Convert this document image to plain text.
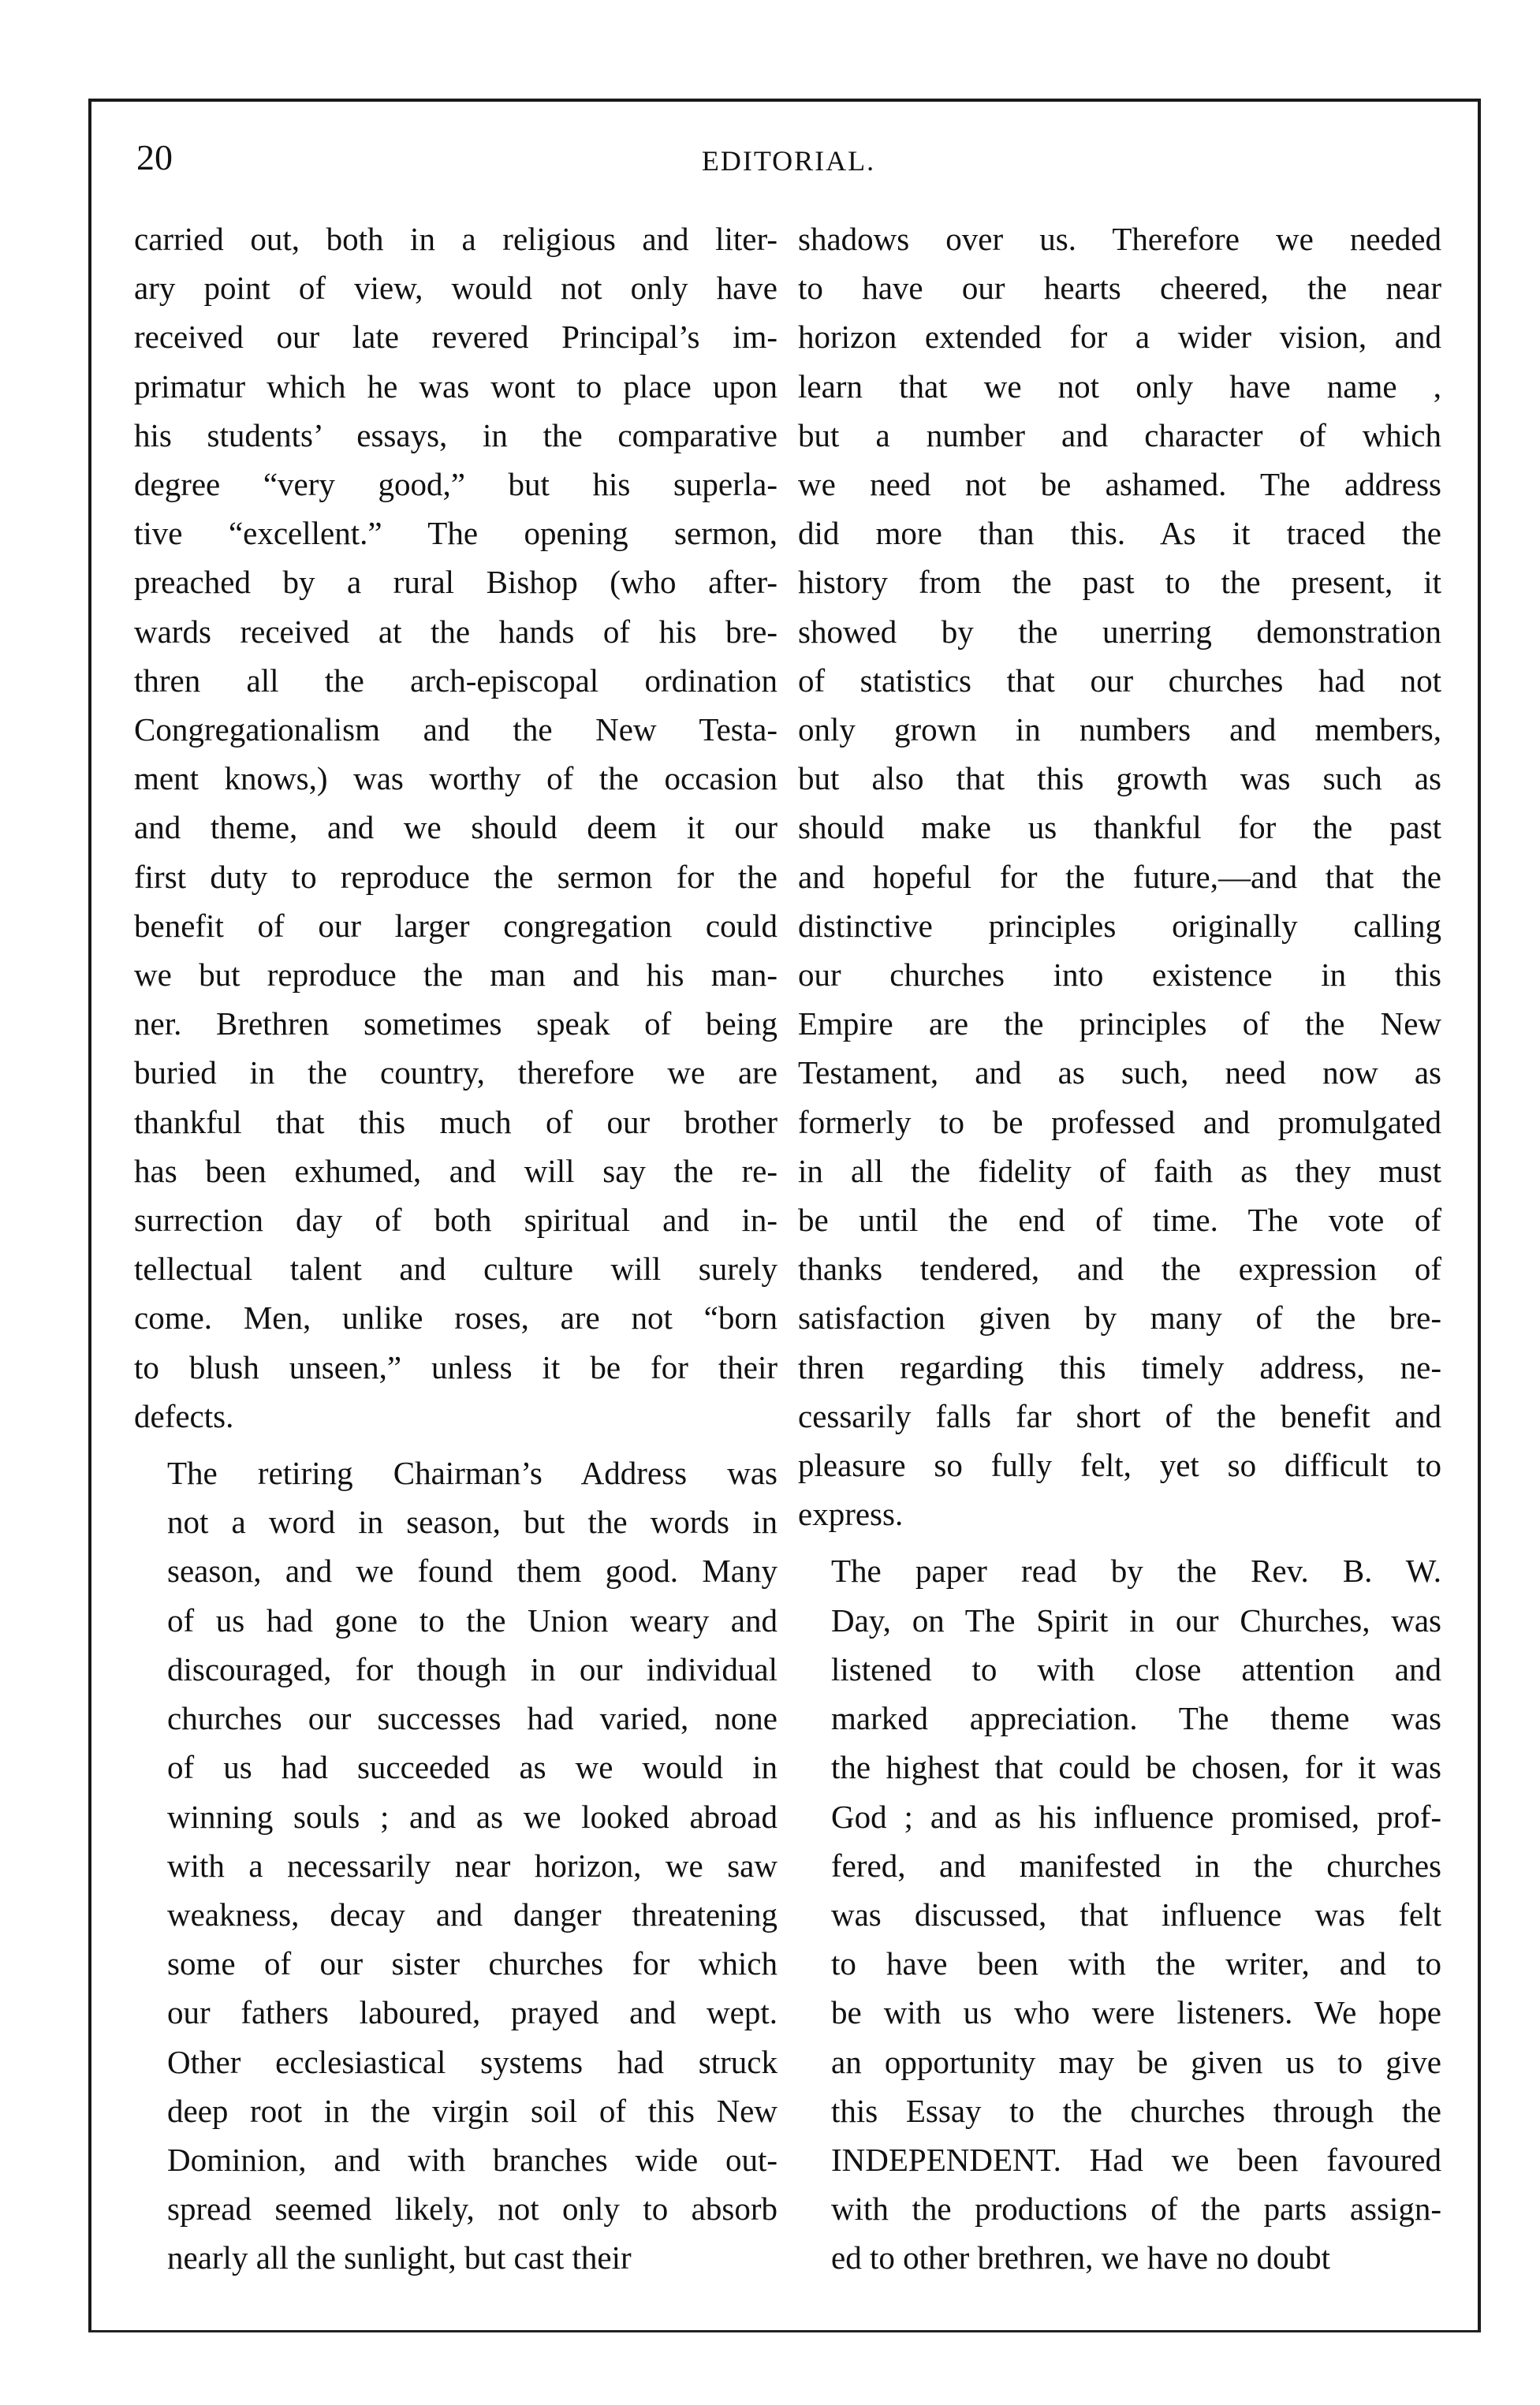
20	EDITORIAL.

carried out, both in a religious and liter-
ary point of view, would not only have
received our late revered Principal’s im-
primatur which he was wont to place upon
his students’ essays, in the comparative
degree “very good,” but his superla-
tive “excellent.” The opening sermon,
preached by a rural Bishop (who after-
wards received at the hands of his bre-
thren all the arch-episcopal ordination
Congregationalism and the New Testa-
ment knows,) was worthy of the occasion
and theme, and we should deem it our
first duty to reproduce the sermon for the
benefit of our larger congregation could
we but reproduce the man and his man-
ner. Brethren sometimes speak of being
buried in the country, therefore we are
thankful that this much of our brother
has been exhumed, and will say the re-
surrection day of both spiritual and in-
tellectual talent and culture will surely
come. Men, unlike roses, are not “born
to blush unseen,” unless it be for their
defects.

The retiring Chairman’s Address was
not a word in season, but the words in
season, and we found them good. Many
of us had gone to the Union weary and
discouraged, for though in our individual
churches our successes had varied, none
of us had succeeded as we would in
winning souls ; and as we looked abroad
with a necessarily near horizon, we saw
weakness, decay and danger threatening
some of our sister churches for which
our fathers laboured, prayed and wept.
Other ecclesiastical systems had struck
deep root in the virgin soil of this New
Dominion, and with branches wide out-
spread seemed likely, not only to absorb
nearly all the sunlight, but cast their

shadows over us. Therefore we needed
to have our hearts cheered, the near
horizon extended for a wider vision, and
learn that we not only have name ,
but a number and character of which
we need not be ashamed. The address
did more than this. As it traced the
history from the past to the present, it
showed by the unerring demonstration
of statistics that our churches had not
only grown in numbers and members,
but also that this growth was such as
should make us thankful for the past
and hopeful for the future,—and that the
distinctive principles originally calling
our churches into existence in this
Empire are the principles of the New
Testament, and as such, need now as
formerly to be professed and promulgated
in all the fidelity of faith as they must
be until the end of time. The vote of
thanks tendered, and the expression of
satisfaction given by many of the bre-
thren regarding this timely address, ne-
cessarily falls far short of the benefit and
pleasure so fully felt, yet so difficult to
express.

The paper read by the Rev. B. W.
Day, on The Spirit in our Churches, was
listened to with close attention and
marked appreciation. The theme was
the highest that could be chosen, for it was
God ; and as his influence promised, prof-
fered, and manifested in the churches
was discussed, that influence was felt
to have been with the writer, and to
be with us who were listeners. We hope
an opportunity may be given us to give
this Essay to the churches through the
INDEPENDENT. Had we been favoured
with the productions of the parts assign-
ed to other brethren, we have no doubt
